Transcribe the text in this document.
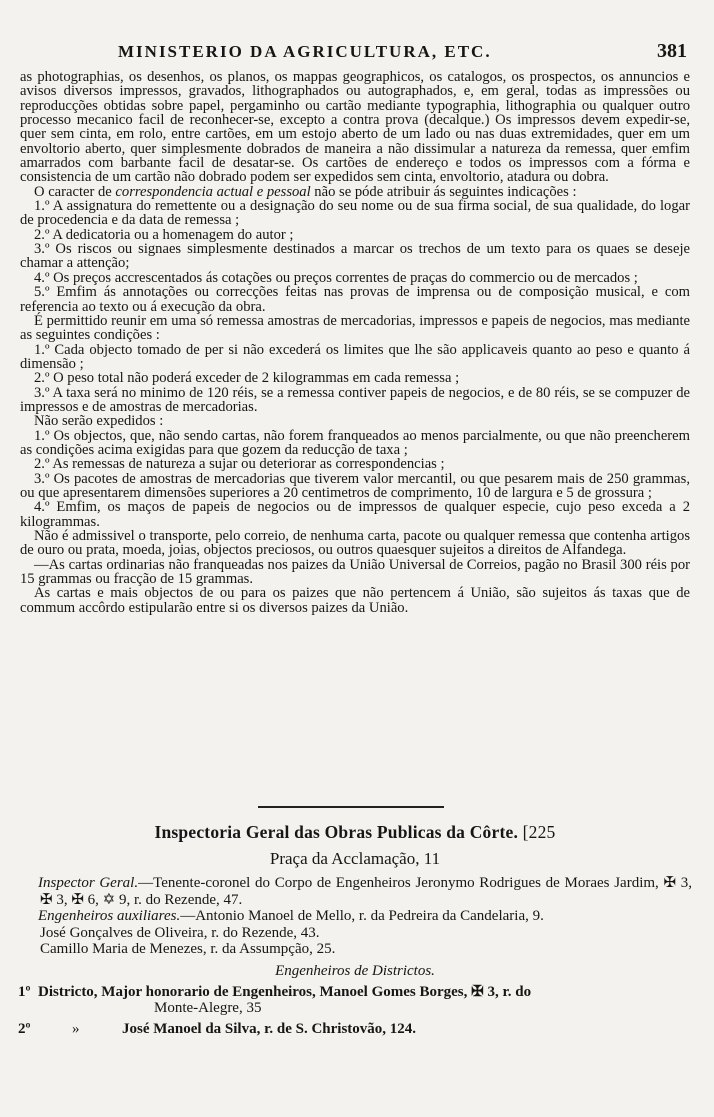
MINISTERIO DA AGRICULTURA, ETC.	381

as photographias, os desenhos, os planos, os mappas geographicos, os catalogos, os prospectos, os annuncios e avisos diversos impressos, gravados, lithographados ou autographados, e, em geral, todas as impressões ou reproducções obtidas sobre papel, pergaminho ou cartão mediante typographia, lithographia ou qualquer outro processo mecanico facil de reconhecer-se, excepto a contra prova (decalque.) Os impressos devem expedir-se, quer sem cinta, em rolo, entre cartões, em um estojo aberto de um lado ou nas duas extremidades, quer em um envoltorio aberto, quer simplesmente dobrados de maneira a não dissimular a natureza da remessa, quer emfim amarrados com barbante facil de desatar-se. Os cartões de endereço e todos os impressos com a fórma e consistencia de um cartão não dobrado podem ser expedidos sem cinta, envoltorio, atadura ou dobra.

O caracter de correspondencia actual e pessoal não se póde atribuir ás seguintes indicações :

1.º A assignatura do remettente ou a designação do seu nome ou de sua firma social, de sua qualidade, do logar de procedencia e da data de remessa ;

2.º A dedicatoria ou a homenagem do autor ;

3.º Os riscos ou signaes simplesmente destinados a marcar os trechos de um texto para os quaes se deseje chamar a attenção;

4.º Os preços accrescentados ás cotações ou preços correntes de praças do commercio ou de mercados ;

5.º Emfim ás annotações ou correcções feitas nas provas de imprensa ou de composição musical, e com referencia ao texto ou á execução da obra.

É permittido reunir em uma só remessa amostras de mercadorias, impressos e papeis de negocios, mas mediante as seguintes condições :

1.º Cada objecto tomado de per si não excederá os limites que lhe são applicaveis quanto ao peso e quanto á dimensão ;

2.º O peso total não poderá exceder de 2 kilogrammas em cada remessa ;

3.º A taxa será no minimo de 120 réis, se a remessa contiver papeis de negocios, e de 80 réis, se se compuzer de impressos e de amostras de mercadorias.

Não serão expedidos :

1.º Os objectos, que, não sendo cartas, não forem franqueados ao menos parcialmente, ou que não preencherem as condições acima exigidas para que gozem da reducção de taxa ;

2.º As remessas de natureza a sujar ou deteriorar as correspondencias ;

3.º Os pacotes de amostras de mercadorias que tiverem valor mercantil, ou que pesarem mais de 250 grammas, ou que apresentarem dimensões superiores a 20 centimetros de comprimento, 10 de largura e 5 de grossura ;

4.º Emfim, os maços de papeis de negocios ou de impressos de qualquer especie, cujo peso exceda a 2 kilogrammas.

Não é admissivel o transporte, pelo correio, de nenhuma carta, pacote ou qualquer remessa que contenha artigos de ouro ou prata, moeda, joias, objectos preciosos, ou outros quaesquer sujeitos a direitos de Alfandega.

—As cartas ordinarias não franqueadas nos paizes da União Universal de Correios, pagão no Brasil 300 réis por 15 grammas ou fracção de 15 grammas.

As cartas e mais objectos de ou para os paizes que não pertencem á União, são sujeitos ás taxas que de commum accôrdo estipularão entre si os diversos paizes da União.

Inspectoria Geral das Obras Publicas da Côrte. [225
Praça da Acclamação, 11
Inspector Geral.—Tenente-coronel do Corpo de Engenheiros Jeronymo Rodrigues de Moraes Jardim, ✠ 3, ✠ 3, ✠ 6, ✡ 9, r. do Rezende, 47.
Engenheiros auxiliares.—Antonio Manoel de Mello, r. da Pedreira da Candelaria, 9.
José Gonçalves de Oliveira, r. do Rezende, 43.
Camillo Maria de Menezes, r. da Assumpção, 25.
Engenheiros de Districtos.
1º Districto, Major honorario de Engenheiros, Manoel Gomes Borges, ✠ 3, r. do
Monte-Alegre, 35
2º	»	José Manoel da Silva, r. de S. Christovão, 124.
